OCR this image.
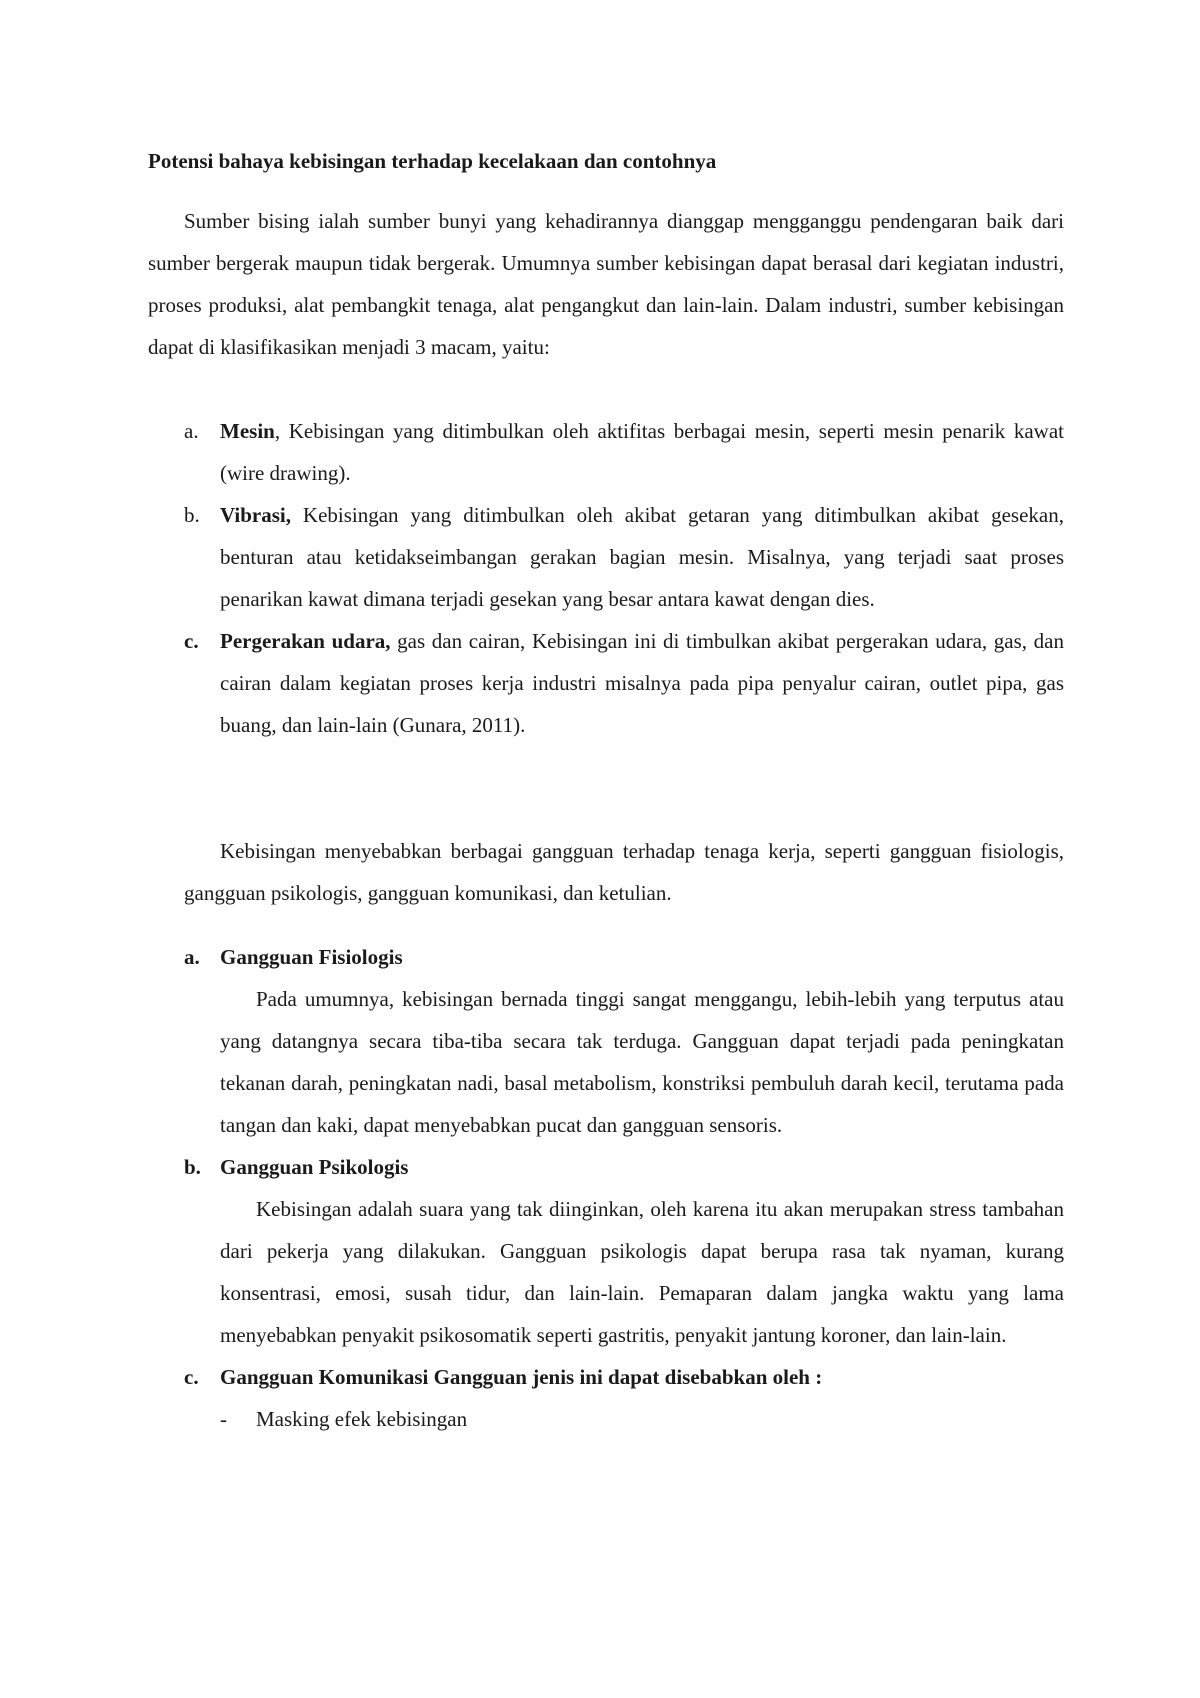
Potensi bahaya kebisingan terhadap kecelakaan dan contohnya
Sumber bising ialah sumber bunyi yang kehadirannya dianggap mengganggu pendengaran baik dari sumber bergerak maupun tidak bergerak. Umumnya sumber kebisingan dapat berasal dari kegiatan industri, proses produksi, alat pembangkit tenaga, alat pengangkut dan lain-lain. Dalam industri, sumber kebisingan dapat di klasifikasikan menjadi 3 macam, yaitu:
a. Mesin, Kebisingan yang ditimbulkan oleh aktifitas berbagai mesin, seperti mesin penarik kawat (wire drawing).
b. Vibrasi, Kebisingan yang ditimbulkan oleh akibat getaran yang ditimbulkan akibat gesekan, benturan atau ketidakseimbangan gerakan bagian mesin. Misalnya, yang terjadi saat proses penarikan kawat dimana terjadi gesekan yang besar antara kawat dengan dies.
c. Pergerakan udara, gas dan cairan, Kebisingan ini di timbulkan akibat pergerakan udara, gas, dan cairan dalam kegiatan proses kerja industri misalnya pada pipa penyalur cairan, outlet pipa, gas buang, dan lain-lain (Gunara, 2011).
Kebisingan menyebabkan berbagai gangguan terhadap tenaga kerja, seperti gangguan fisiologis, gangguan psikologis, gangguan komunikasi, dan ketulian.
a. Gangguan Fisiologis
Pada umumnya, kebisingan bernada tinggi sangat menggangu, lebih-lebih yang terputus atau yang datangnya secara tiba-tiba secara tak terduga. Gangguan dapat terjadi pada peningkatan tekanan darah, peningkatan nadi, basal metabolism, konstriksi pembuluh darah kecil, terutama pada tangan dan kaki, dapat menyebabkan pucat dan gangguan sensoris.
b. Gangguan Psikologis
Kebisingan adalah suara yang tak diinginkan, oleh karena itu akan merupakan stress tambahan dari pekerja yang dilakukan. Gangguan psikologis dapat berupa rasa tak nyaman, kurang konsentrasi, emosi, susah tidur, dan lain-lain. Pemaparan dalam jangka waktu yang lama menyebabkan penyakit psikosomatik seperti gastritis, penyakit jantung koroner, dan lain-lain.
c. Gangguan Komunikasi Gangguan jenis ini dapat disebabkan oleh :
- Masking efek kebisingan
